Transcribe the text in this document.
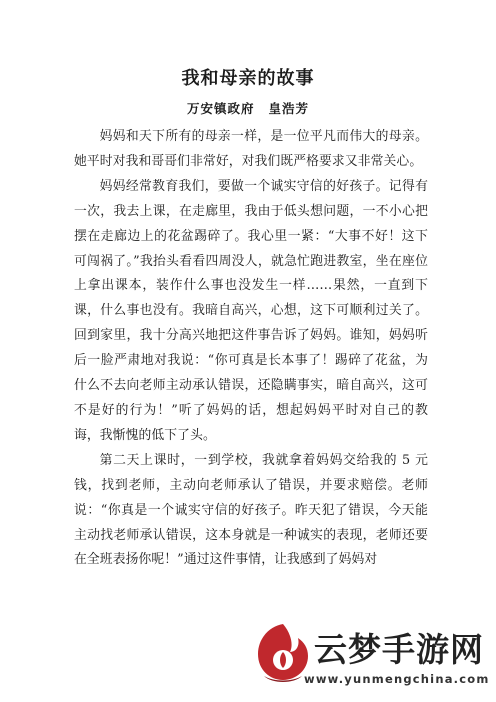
我和母亲的故事
万安镇政府 皇浩芳

妈妈和天下所有的母亲一样，是一位平凡而伟大的母亲。她平时对我和哥哥们非常好，对我们既严格要求又非常关心。

妈妈经常教育我们，要做一个诚实守信的好孩子。记得有一次，我去上课，在走廊里，我由于低头想问题，一不小心把摆在走廊边上的花盆踢碎了。我心里一紧：“大事不好！这下可闯祸了。”我抬头看看四周没人，就急忙跑进教室，坐在座位上拿出课本，装作什么事也没发生一样……果然，一直到下课，什么事也没有。我暗自高兴，心想，这下可顺利过关了。回到家里，我十分高兴地把这件事告诉了妈妈。谁知，妈妈听后一脸严肃地对我说：“你可真是长本事了！踢碎了花盆，为什么不去向老师主动承认错误，还隐瞒事实，暗自高兴，这可不是好的行为！”听了妈妈的话，想起妈妈平时对自己的教诲，我惭愧的低下了头。

第二天上课时，一到学校，我就拿着妈妈交给我的 5 元钱，找到老师，主动向老师承认了错误，并要求赔偿。老师说：“你真是一个诚实守信的好孩子。昨天犯了错误，今天能主动找老师承认错误，这本身就是一种诚实的表现，老师还要在全班表扬你呢！”通过这件事情，让我感到了妈妈对

云梦手游网
www.yunmengchina.com
